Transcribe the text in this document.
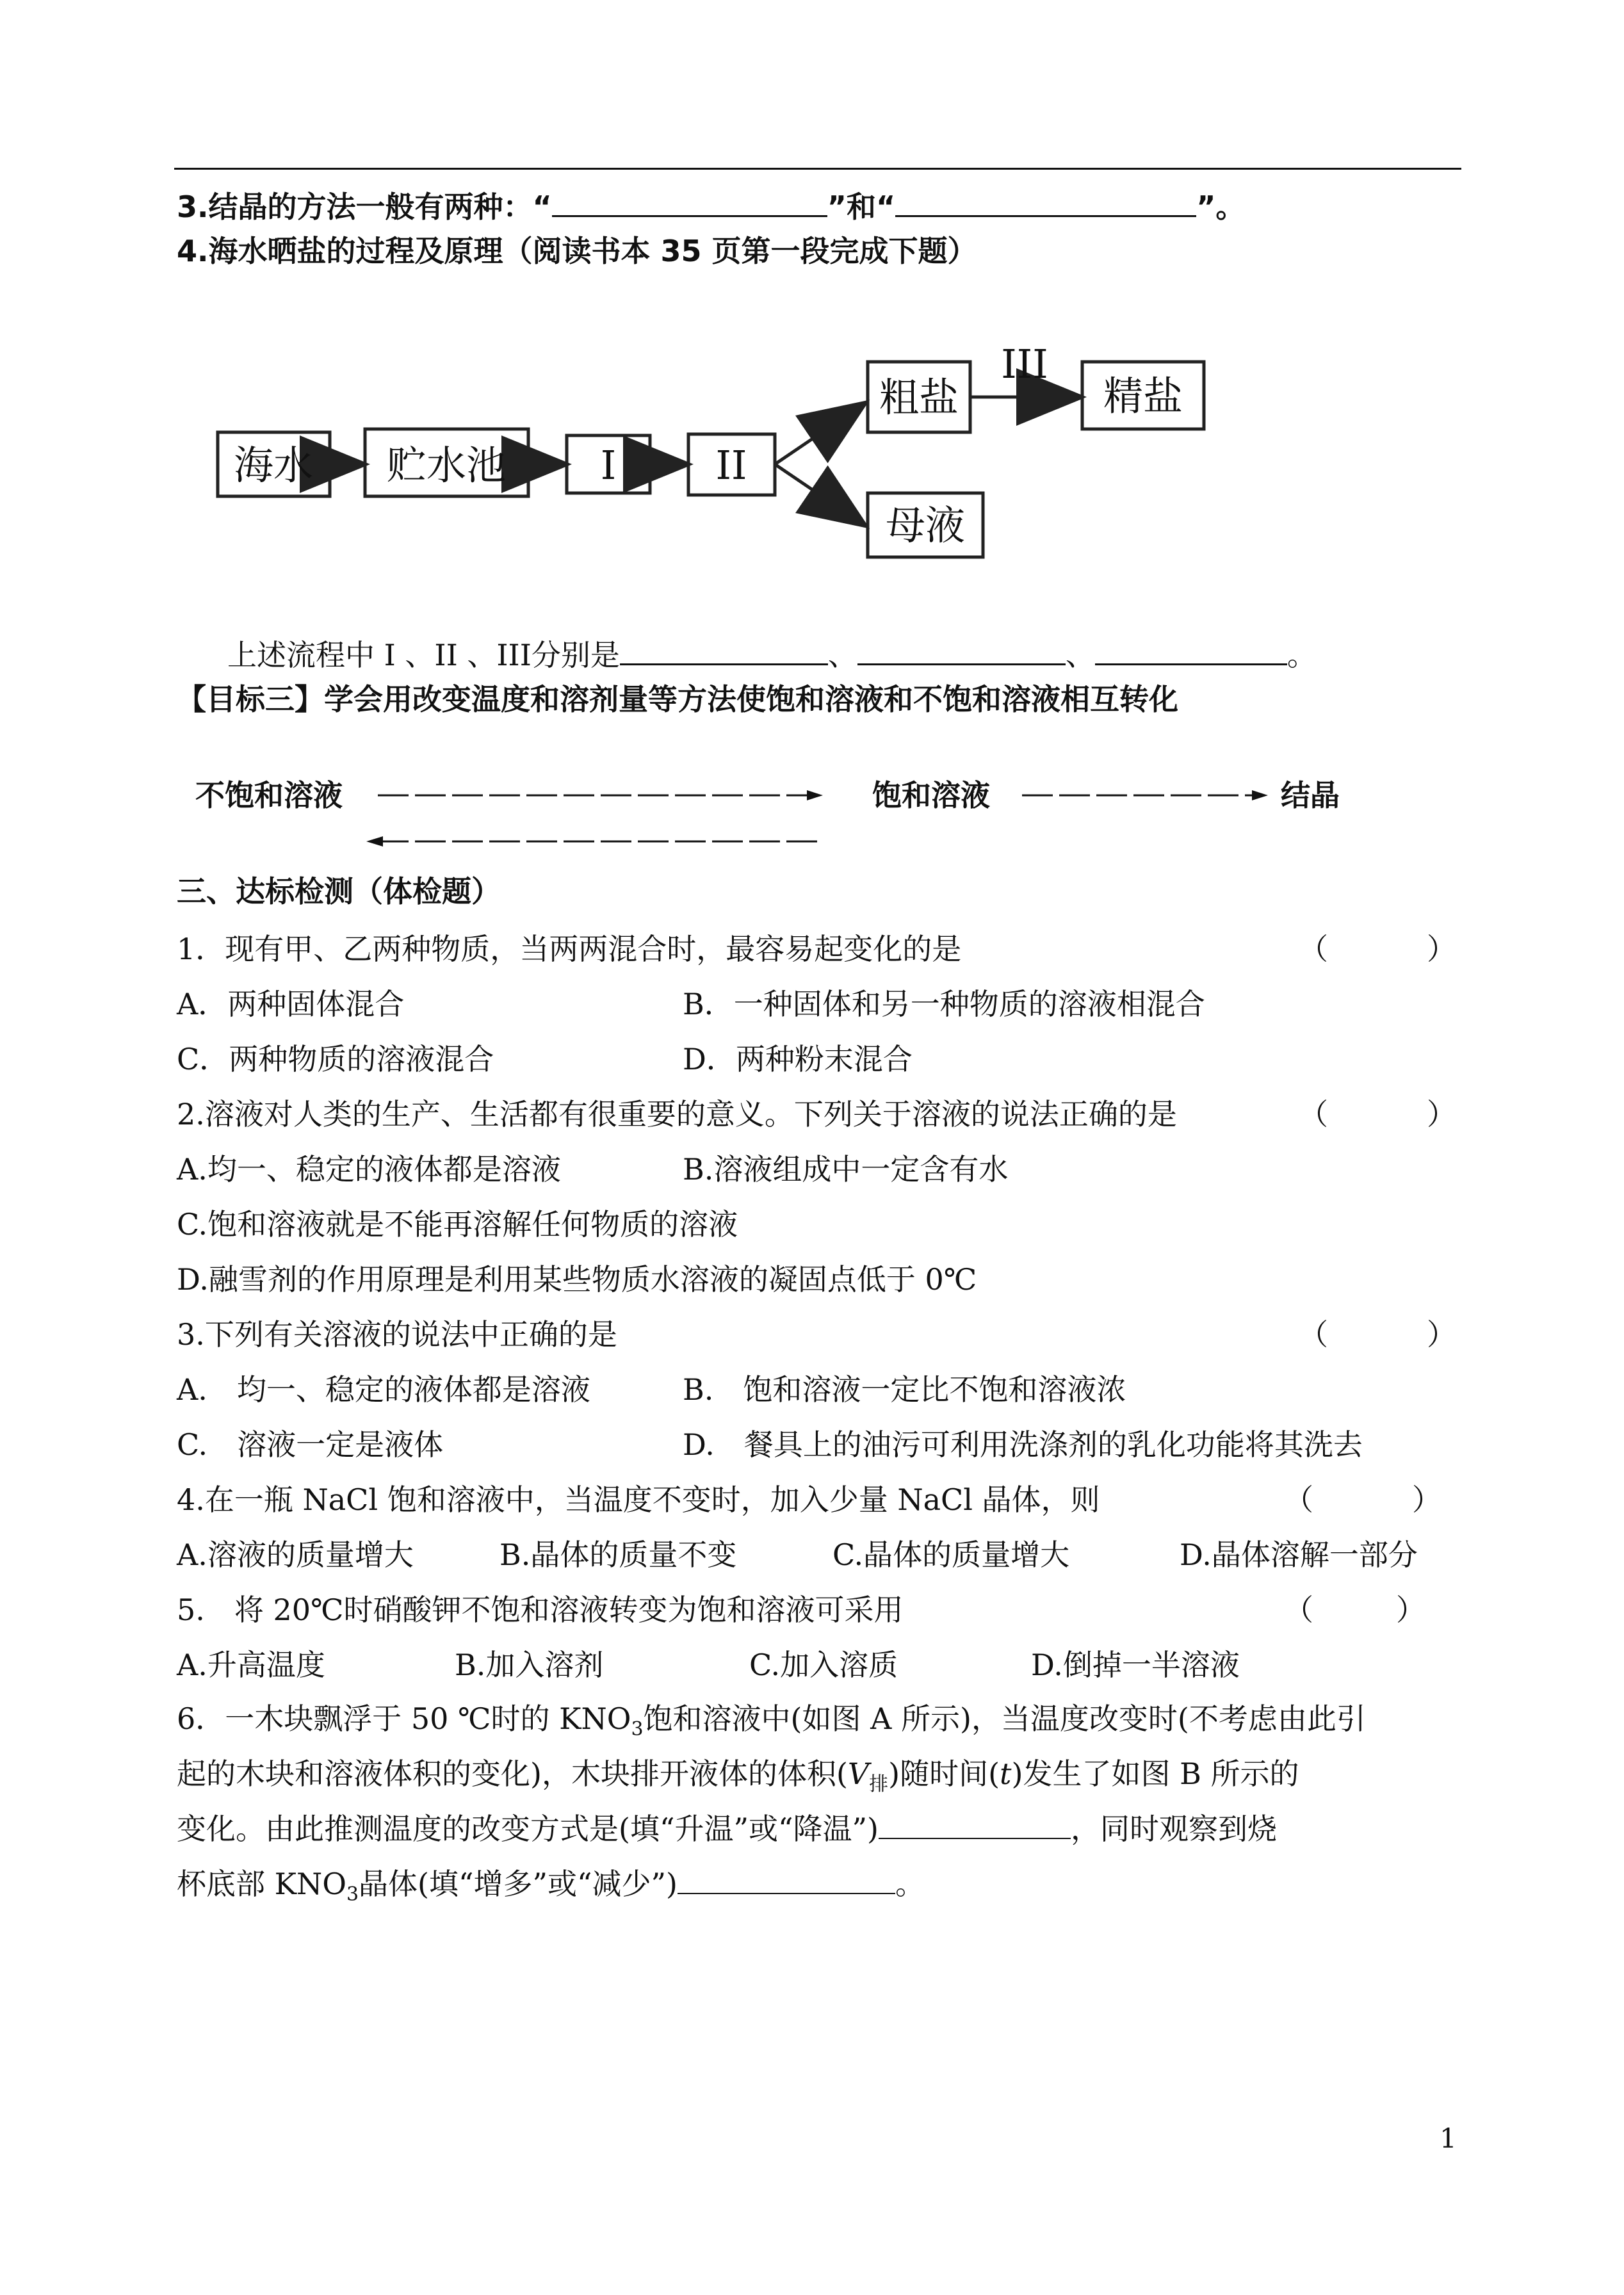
3.结晶的方法一般有两种：“	”和“	”。
4.海水晒盐的过程及原理（阅读书本 35 页第一段完成下题）
海水 贮水池 I	II
粗盐	精盐
母液
III
上述流程中 I 、II 、III分别是	、	、	。
【目标三】学会用改变温度和溶剂量等方法使饱和溶液和不饱和溶液相互转化
不饱和溶液	饱和溶液	结晶
三、达标检测（体检题）
1．现有甲、乙两种物质，当两两混合时，最容易起变化的是	（	）
A．两种固体混合	B．一种固体和另一种物质的溶液相混合
C．两种物质的溶液混合	D．两种粉末混合
2.溶液对人类的生产、生活都有很重要的意义。下列关于溶液的说法正确的是	（	）
A.均一、稳定的液体都是溶液	B.溶液组成中一定含有水
C.饱和溶液就是不能再溶解任何物质的溶液
D.融雪剂的作用原理是利用某些物质水溶液的凝固点低于 0℃
3.下列有关溶液的说法中正确的是	（	）
A.　均一、稳定的液体都是溶液	B.　饱和溶液一定比不饱和溶液浓
C.　溶液一定是液体	D.　餐具上的油污可利用洗涤剂的乳化功能将其洗去
4.在一瓶 NaCl 饱和溶液中，当温度不变时，加入少量 NaCl 晶体，则	（	）
A.溶液的质量增大	B.晶体的质量不变	C.晶体的质量增大	D.晶体溶解一部分
5.　将 20℃时硝酸钾不饱和溶液转变为饱和溶液可采用	（	）
A.升高温度	B.加入溶剂	C.加入溶质	D.倒掉一半溶液
6．一木块飘浮于 50 ℃时的 $KNO_3$饱和溶液中(如图 A 所示)，当温度改变时(不考虑由此引
起的木块和溶液体积的变化)，木块排开液体的体积$(V_排)$随时间(t)发生了如图 B 所示的
变化。由此推测温度的改变方式是(填“升温”或“降温”)	，同时观察到烧
杯底部 $KNO_3$晶体(填“增多”或“减少”)	。
1
